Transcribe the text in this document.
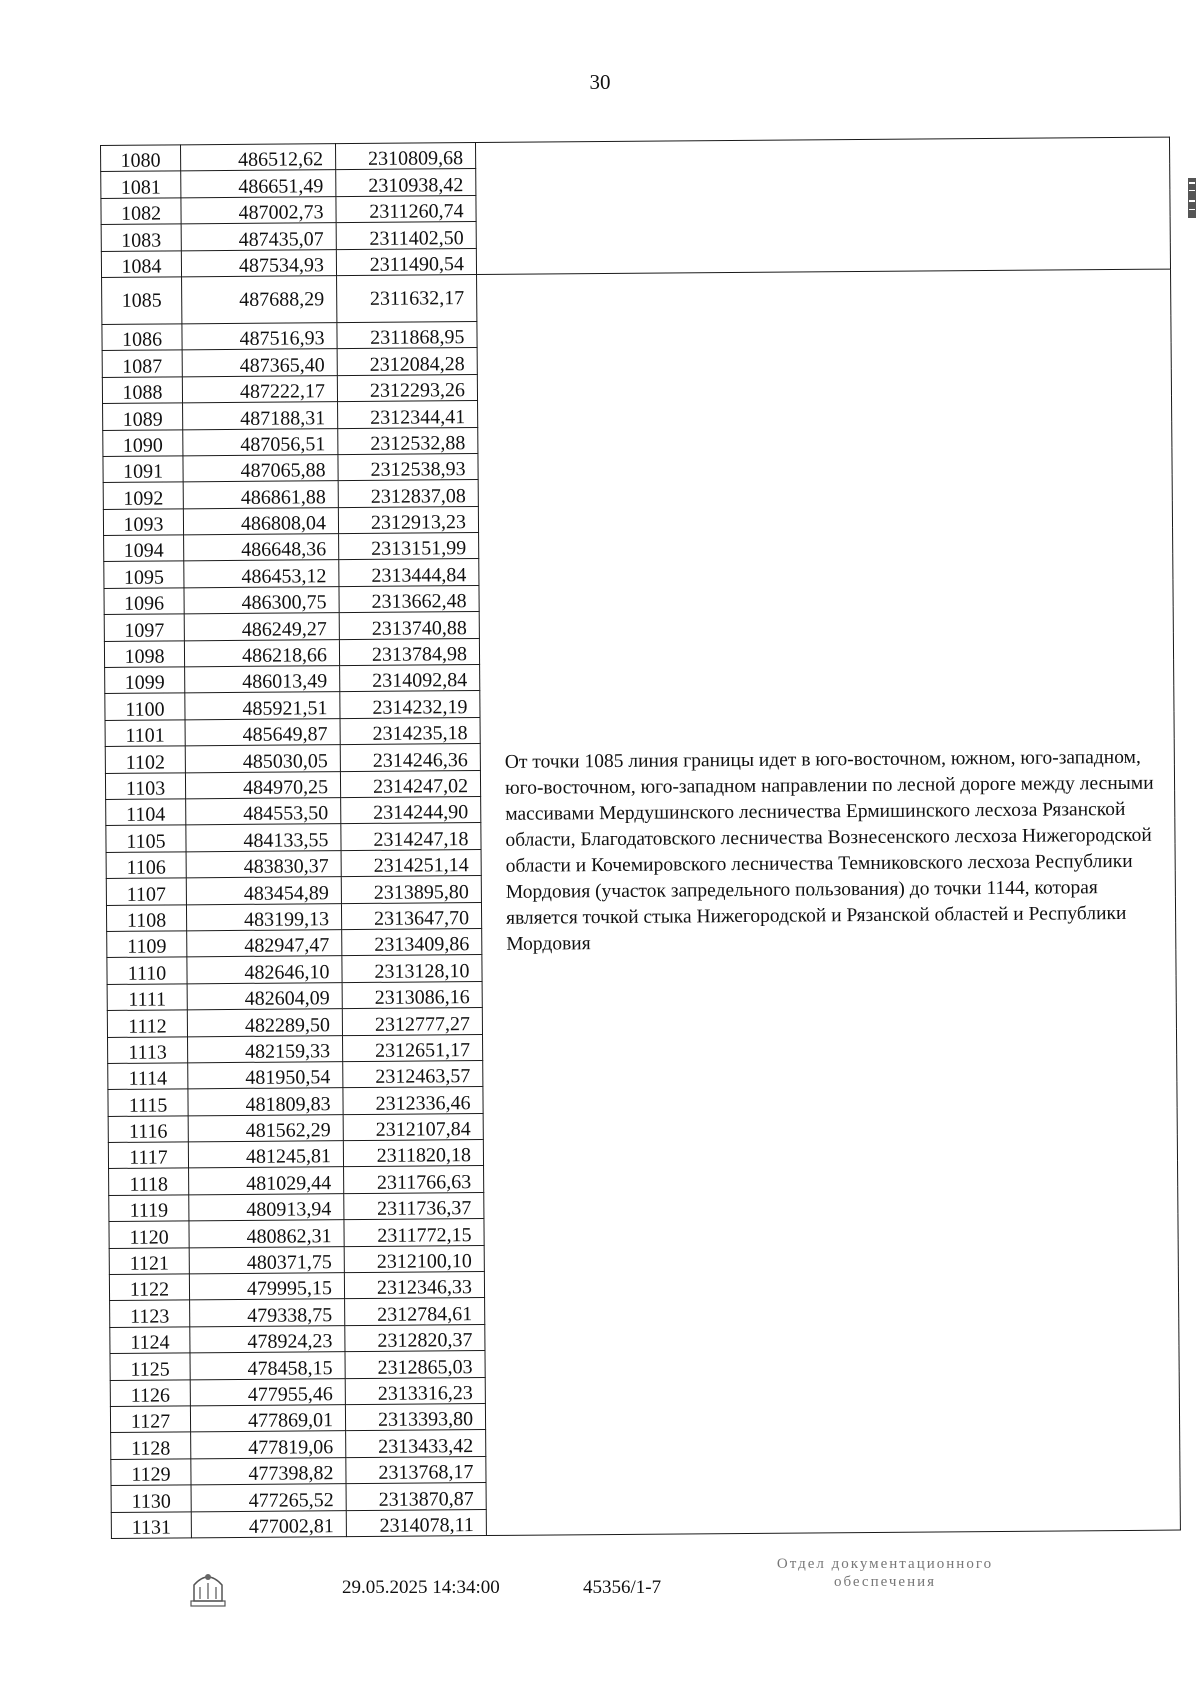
30
1080	486512,62	2310809,68	
1081	486651,49	2310938,42	
1082	487002,73	2311260,74	
1083	487435,07	2311402,50	
1084	487534,93	2311490,54	
1085	487688,29	2311632,17	От точки 1085 линия границы идет в юго-восточном, южном, юго-западном, юго-восточном, юго-западном направлении по лесной дороге между лесными массивами Мердушинского лесничества Ермишинского лесхоза Рязанской области, Благодатовского лесничества Вознесенского лесхоза Нижегородской области и Кочемировского лесничества Темниковского лесхоза Республики Мордовия (участок запредельного пользования) до точки 1144, которая является точкой стыка Нижегородской и Рязанской областей и Республики Мордовия
1086	487516,93	2311868,95	
1087	487365,40	2312084,28	
1088	487222,17	2312293,26	
1089	487188,31	2312344,41	
1090	487056,51	2312532,88	
1091	487065,88	2312538,93	
1092	486861,88	2312837,08	
1093	486808,04	2312913,23	
1094	486648,36	2313151,99	
1095	486453,12	2313444,84	
1096	486300,75	2313662,48	
1097	486249,27	2313740,88	
1098	486218,66	2313784,98	
1099	486013,49	2314092,84	
1100	485921,51	2314232,19	
1101	485649,87	2314235,18	
1102	485030,05	2314246,36	
1103	484970,25	2314247,02	
1104	484553,50	2314244,90	
1105	484133,55	2314247,18	
1106	483830,37	2314251,14	
1107	483454,89	2313895,80	
1108	483199,13	2313647,70	
1109	482947,47	2313409,86	
1110	482646,10	2313128,10	
1111	482604,09	2313086,16	
1112	482289,50	2312777,27	
1113	482159,33	2312651,17	
1114	481950,54	2312463,57	
1115	481809,83	2312336,46	
1116	481562,29	2312107,84	
1117	481245,81	2311820,18	
1118	481029,44	2311766,63	
1119	480913,94	2311736,37	
1120	480862,31	2311772,15	
1121	480371,75	2312100,10	
1122	479995,15	2312346,33	
1123	479338,75	2312784,61	
1124	478924,23	2312820,37	
1125	478458,15	2312865,03	
1126	477955,46	2313316,23	
1127	477869,01	2313393,80	
1128	477819,06	2313433,42	
1129	477398,82	2313768,17	
1130	477265,52	2313870,87	
1131	477002,81	2314078,11	
29.05.2025 14:34:00	45356/1-7
Отдел документационного
обеспечения
